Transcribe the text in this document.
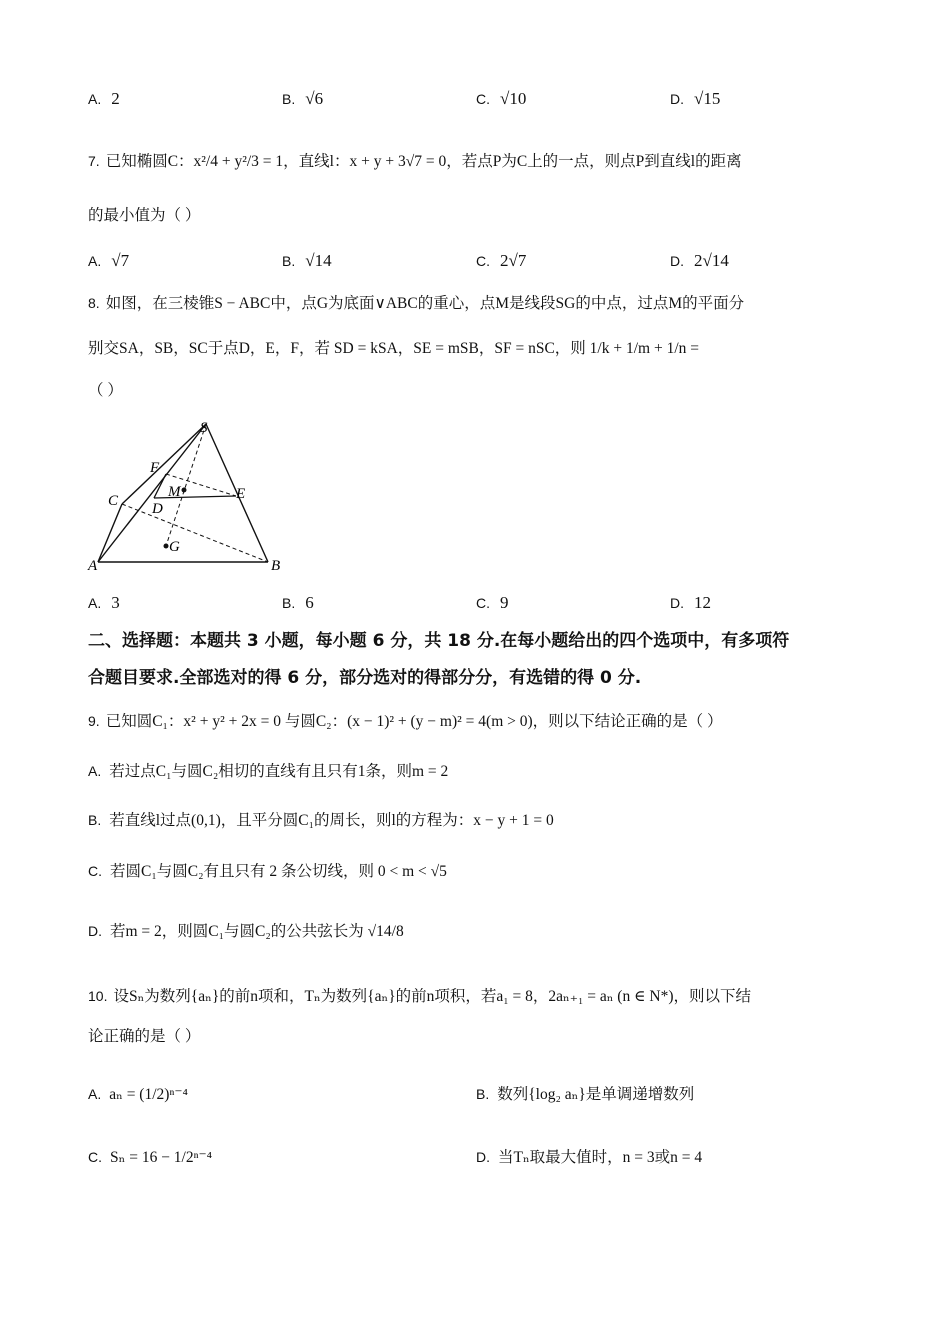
A. 2	B. √6	C. √10	D. √15
7. 已知椭圆C：x²/4 + y²/3 = 1，直线l：x + y + 3√7 = 0，若点P为C上的一点，则点P到直线l的距离
的最小值为（ ）
A. √7	B. √14	C. 2√7	D. 2√14
8. 如图，在三棱锥S − ABC中，点G为底面∨ABC的重心，点M是线段SG的中点，过点M的平面分
别交SA，SB，SC于点D，E，F，若 SD = kSA，SE = mSB，SF = nSC，则 1/k + 1/m + 1/n =
（ ）
S
F
M	E
C D
G
A	B
A. 3	B. 6	C. 9	D. 12
二、选择题：本题共 3 小题，每小题 6 分，共 18 分.在每小题给出的四个选项中，有多项符
合题目要求.全部选对的得 6 分，部分选对的得部分分，有选错的得 0 分.
9. 已知圆C₁：x² + y² + 2x = 0 与圆C₂：(x − 1)² + (y − m)² = 4(m > 0)，则以下结论正确的是（ ）
A. 若过点C₁与圆C₂相切的直线有且只有1条，则m = 2
B. 若直线l过点(0,1)，且平分圆C₁的周长，则l的方程为：x − y + 1 = 0
C. 若圆C₁与圆C₂有且只有 2 条公切线，则 0 < m < √5
D. 若m = 2，则圆C₁与圆C₂的公共弦长为 √14/8
10. 设Sₙ为数列{aₙ}的前n项和，Tₙ为数列{aₙ}的前n项积，若a₁ = 8，2aₙ₊₁ = aₙ (n ∈ N*)，则以下结
论正确的是（ ）
A. aₙ = (1/2)ⁿ⁻⁴	B. 数列{log₂ aₙ}是单调递增数列
C. Sₙ = 16 − 1/2ⁿ⁻⁴	D. 当Tₙ取最大值时，n = 3或n = 4
